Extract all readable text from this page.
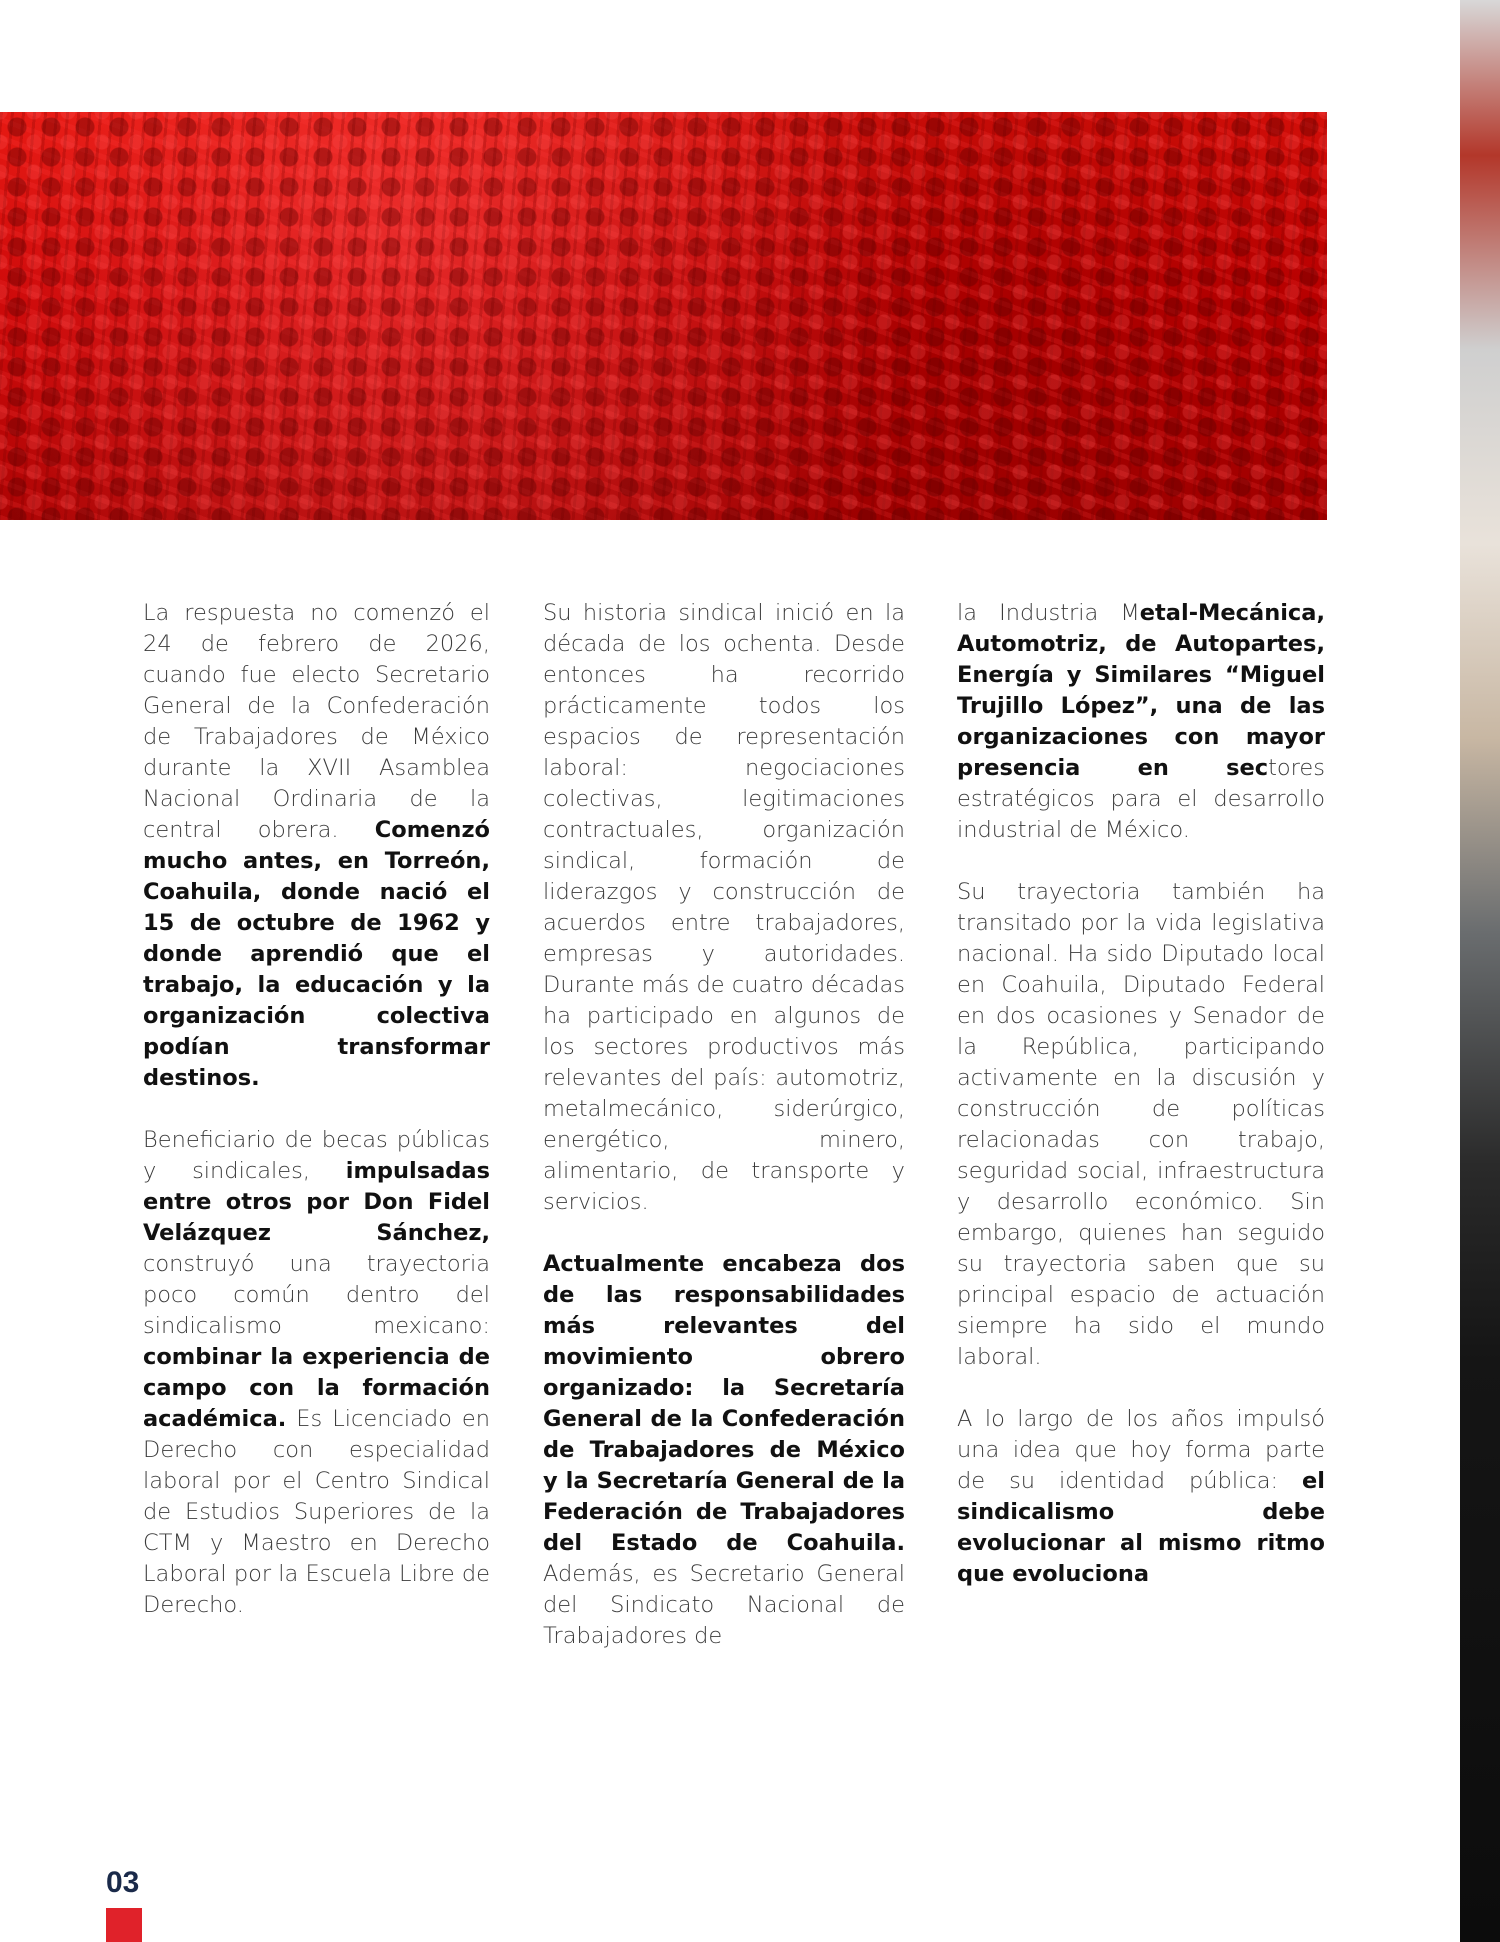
La respuesta no comenzó el 24 de febrero de 2026, cuando fue electo Secretario General de la Confederación de Trabajadores de México durante la XVII Asamblea Nacional Ordinaria de la central obrera. Comenzó mucho antes, en Torreón, Coahuila, donde nació el 15 de octubre de 1962 y donde aprendió que el trabajo, la educación y la organización colectiva podían transformar destinos.

Beneficiario de becas públicas y sindicales, impulsadas entre otros por Don Fidel Velázquez Sánchez, construyó una trayectoria poco común dentro del sindicalismo mexicano: combinar la experiencia de campo con la formación académica. Es Licenciado en Derecho con especialidad laboral por el Centro Sindical de Estudios Superiores de la CTM y Maestro en Derecho Laboral por la Escuela Libre de Derecho.

Su historia sindical inició en la década de los ochenta. Desde entonces ha recorrido prácticamente todos los espacios de representación laboral: negociaciones colectivas, legitimaciones contractuales, organización sindical, formación de liderazgos y construcción de acuerdos entre trabajadores, empresas y autoridades. Durante más de cuatro décadas ha participado en algunos de los sectores productivos más relevantes del país: automotriz, metalmecánico, siderúrgico, energético, minero, alimentario, de transporte y servicios.

Actualmente encabeza dos de las responsabilidades más relevantes del movimiento obrero organizado: la Secretaría General de la Confederación de Trabajadores de México y la Secretaría General de la Federación de Trabajadores del Estado de Coahuila. Además, es Secretario General del Sindicato Nacional de Trabajadores de

la Industria Metal-Mecánica, Automotriz, de Autopartes, Energía y Similares “Miguel Trujillo López”, una de las organizaciones con mayor presencia en sectores estratégicos para el desarrollo industrial de México.

Su trayectoria también ha transitado por la vida legislativa nacional. Ha sido Diputado local en Coahuila, Diputado Federal en dos ocasiones y Senador de la República, participando activamente en la discusión y construcción de políticas relacionadas con trabajo, seguridad social, infraestructura y desarrollo económico. Sin embargo, quienes han seguido su trayectoria saben que su principal espacio de actuación siempre ha sido el mundo laboral.

A lo largo de los años impulsó una idea que hoy forma parte de su identidad pública: el sindicalismo debe evolucionar al mismo ritmo que evoluciona

03
